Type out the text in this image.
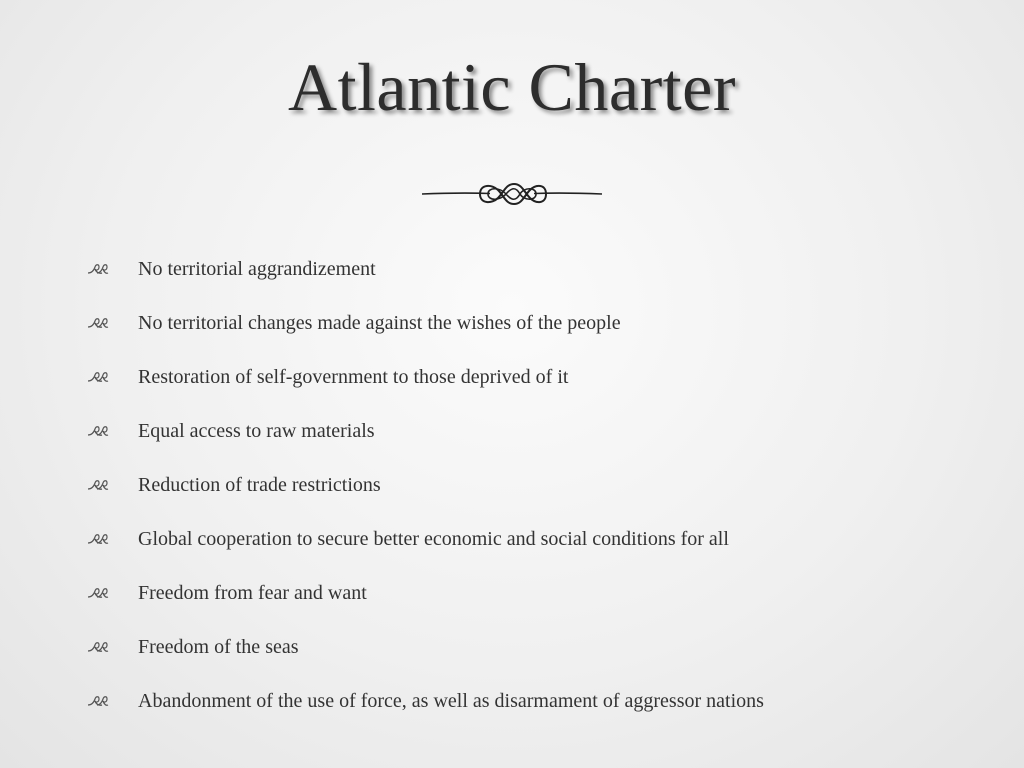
Atlantic Charter
No territorial aggrandizement
No territorial changes made against the wishes of the people
Restoration of self-government to those deprived of it
Equal access to raw materials
Reduction of trade restrictions
Global cooperation to secure better economic and social conditions for all
Freedom from fear and want
Freedom of the seas
Abandonment of the use of force, as well as disarmament of aggressor nations
